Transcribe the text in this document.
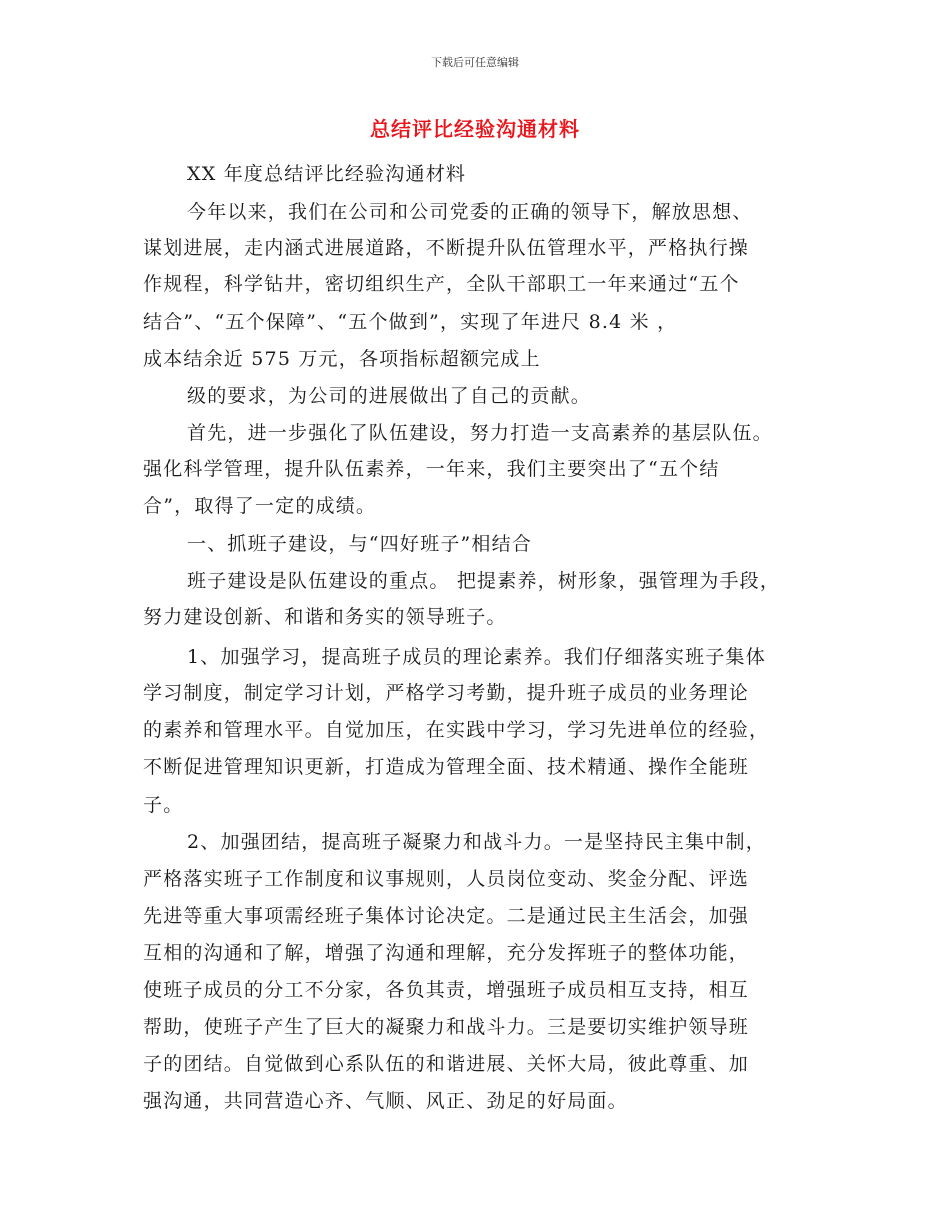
下载后可任意编辑
总结评比经验沟通材料
XX 年度总结评比经验沟通材料
今年以来，我们在公司和公司党委的正确的领导下，解放思想、
谋划进展，走内涵式进展道路，不断提升队伍管理水平，严格执行操
作规程，科学钻井，密切组织生产，全队干部职工一年来通过“五个
结合”、“五个保障”、“五个做到”，实现了年进尺 8.4 米 ，
成本结余近 575 万元，各项指标超额完成上
级的要求，为公司的进展做出了自己的贡献。
首先，进一步强化了队伍建设，努力打造一支高素养的基层队伍。
强化科学管理，提升队伍素养，一年来，我们主要突出了“五个结
合”，取得了一定的成绩。
一、抓班子建设，与“四好班子”相结合
班子建设是队伍建设的重点。 把提素养，树形象，强管理为手段，
努力建设创新、和谐和务实的领导班子。
1、加强学习，提高班子成员的理论素养。我们仔细落实班子集体
学习制度，制定学习计划，严格学习考勤，提升班子成员的业务理论
的素养和管理水平。自觉加压，在实践中学习，学习先进单位的经验，
不断促进管理知识更新，打造成为管理全面、技术精通、操作全能班
子。
2、加强团结，提高班子凝聚力和战斗力。一是坚持民主集中制，
严格落实班子工作制度和议事规则，人员岗位变动、奖金分配、评选
先进等重大事项需经班子集体讨论决定。二是通过民主生活会，加强
互相的沟通和了解，增强了沟通和理解，充分发挥班子的整体功能，
使班子成员的分工不分家，各负其责，增强班子成员相互支持，相互
帮助，使班子产生了巨大的凝聚力和战斗力。三是要切实维护领导班
子的团结。自觉做到心系队伍的和谐进展、关怀大局，彼此尊重、加
强沟通，共同营造心齐、气顺、风正、劲足的好局面。
